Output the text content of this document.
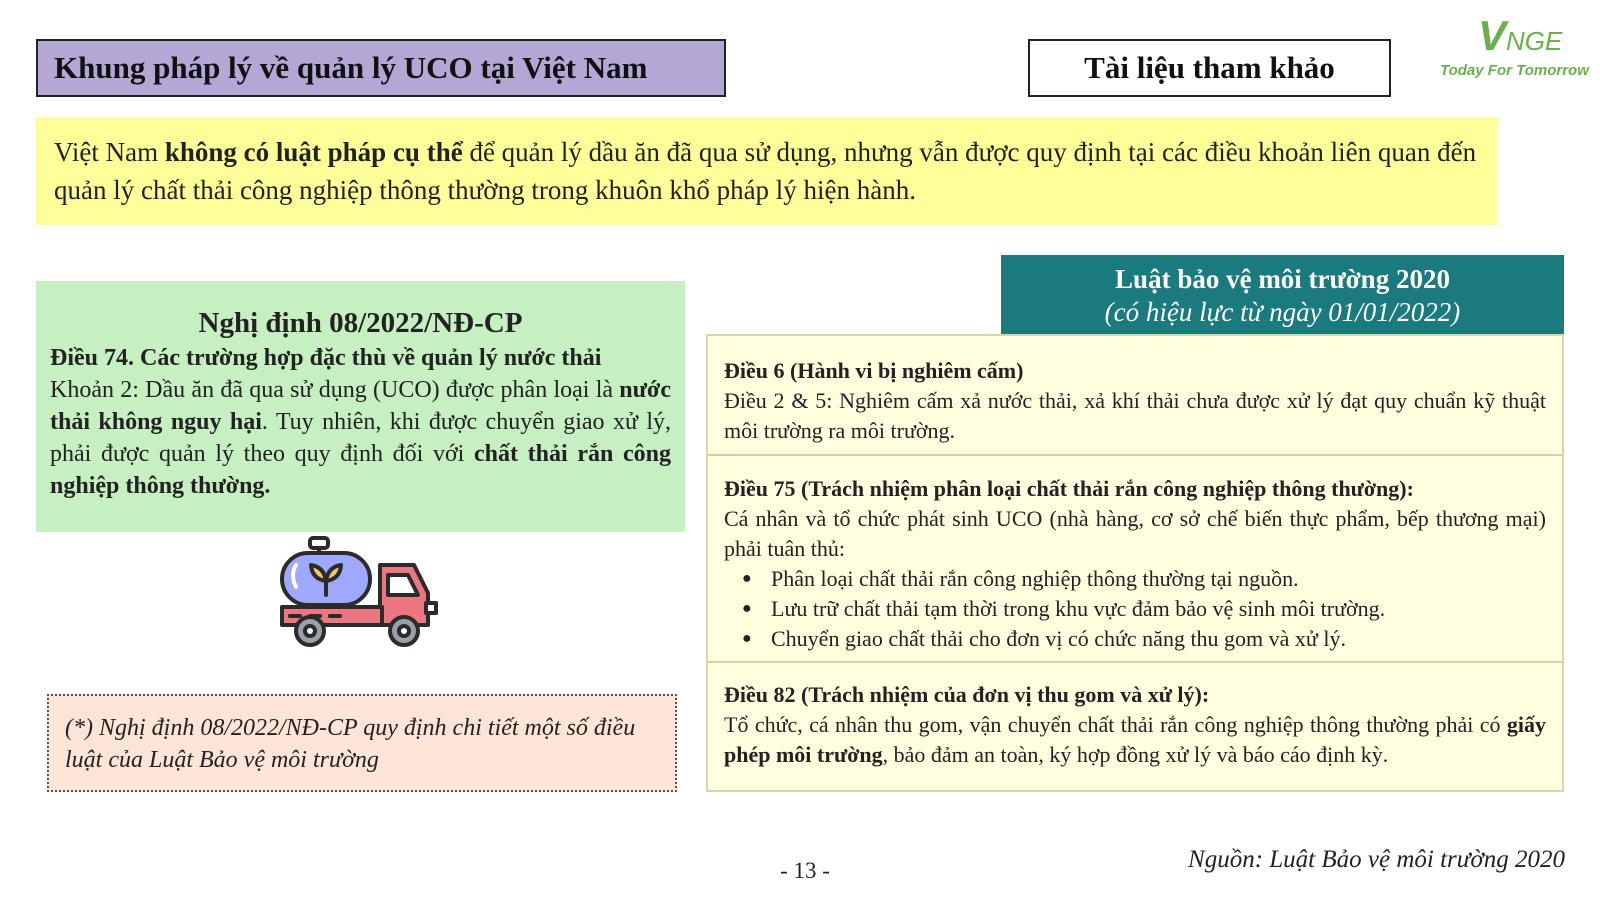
Khung pháp lý về quản lý UCO tại Việt Nam	Tài liệu tham khảo
VNGE
Today For Tomorrow
Việt Nam không có luật pháp cụ thể để quản lý dầu ăn đã qua sử dụng, nhưng vẫn được quy định tại các điều khoản liên quan đến quản lý chất thải công nghiệp thông thường trong khuôn khổ pháp lý hiện hành.
Nghị định 08/2022/NĐ-CP
Điều 74. Các trường hợp đặc thù về quản lý nước thải
Khoản 2: Dầu ăn đã qua sử dụng (UCO) được phân loại là nước thải không nguy hại. Tuy nhiên, khi được chuyển giao xử lý, phải được quản lý theo quy định đối với chất thải rắn công nghiệp thông thường.
(*) Nghị định 08/2022/NĐ-CP quy định chi tiết một số điều luật của Luật Bảo vệ môi trường
Luật bảo vệ môi trường 2020
(có hiệu lực từ ngày 01/01/2022)
Điều 6 (Hành vi bị nghiêm cấm)
Điều 2 & 5: Nghiêm cấm xả nước thải, xả khí thải chưa được xử lý đạt quy chuẩn kỹ thuật môi trường ra môi trường.
Điều 75 (Trách nhiệm phân loại chất thải rắn công nghiệp thông thường):
Cá nhân và tổ chức phát sinh UCO (nhà hàng, cơ sở chế biến thực phẩm, bếp thương mại) phải tuân thủ:
● Phân loại chất thải rắn công nghiệp thông thường tại nguồn.
● Lưu trữ chất thải tạm thời trong khu vực đảm bảo vệ sinh môi trường.
● Chuyển giao chất thải cho đơn vị có chức năng thu gom và xử lý.
Điều 82 (Trách nhiệm của đơn vị thu gom và xử lý):
Tổ chức, cá nhân thu gom, vận chuyển chất thải rắn công nghiệp thông thường phải có giấy phép môi trường, bảo đảm an toàn, ký hợp đồng xử lý và báo cáo định kỳ.
- 13 -	Nguồn: Luật Bảo vệ môi trường 2020
